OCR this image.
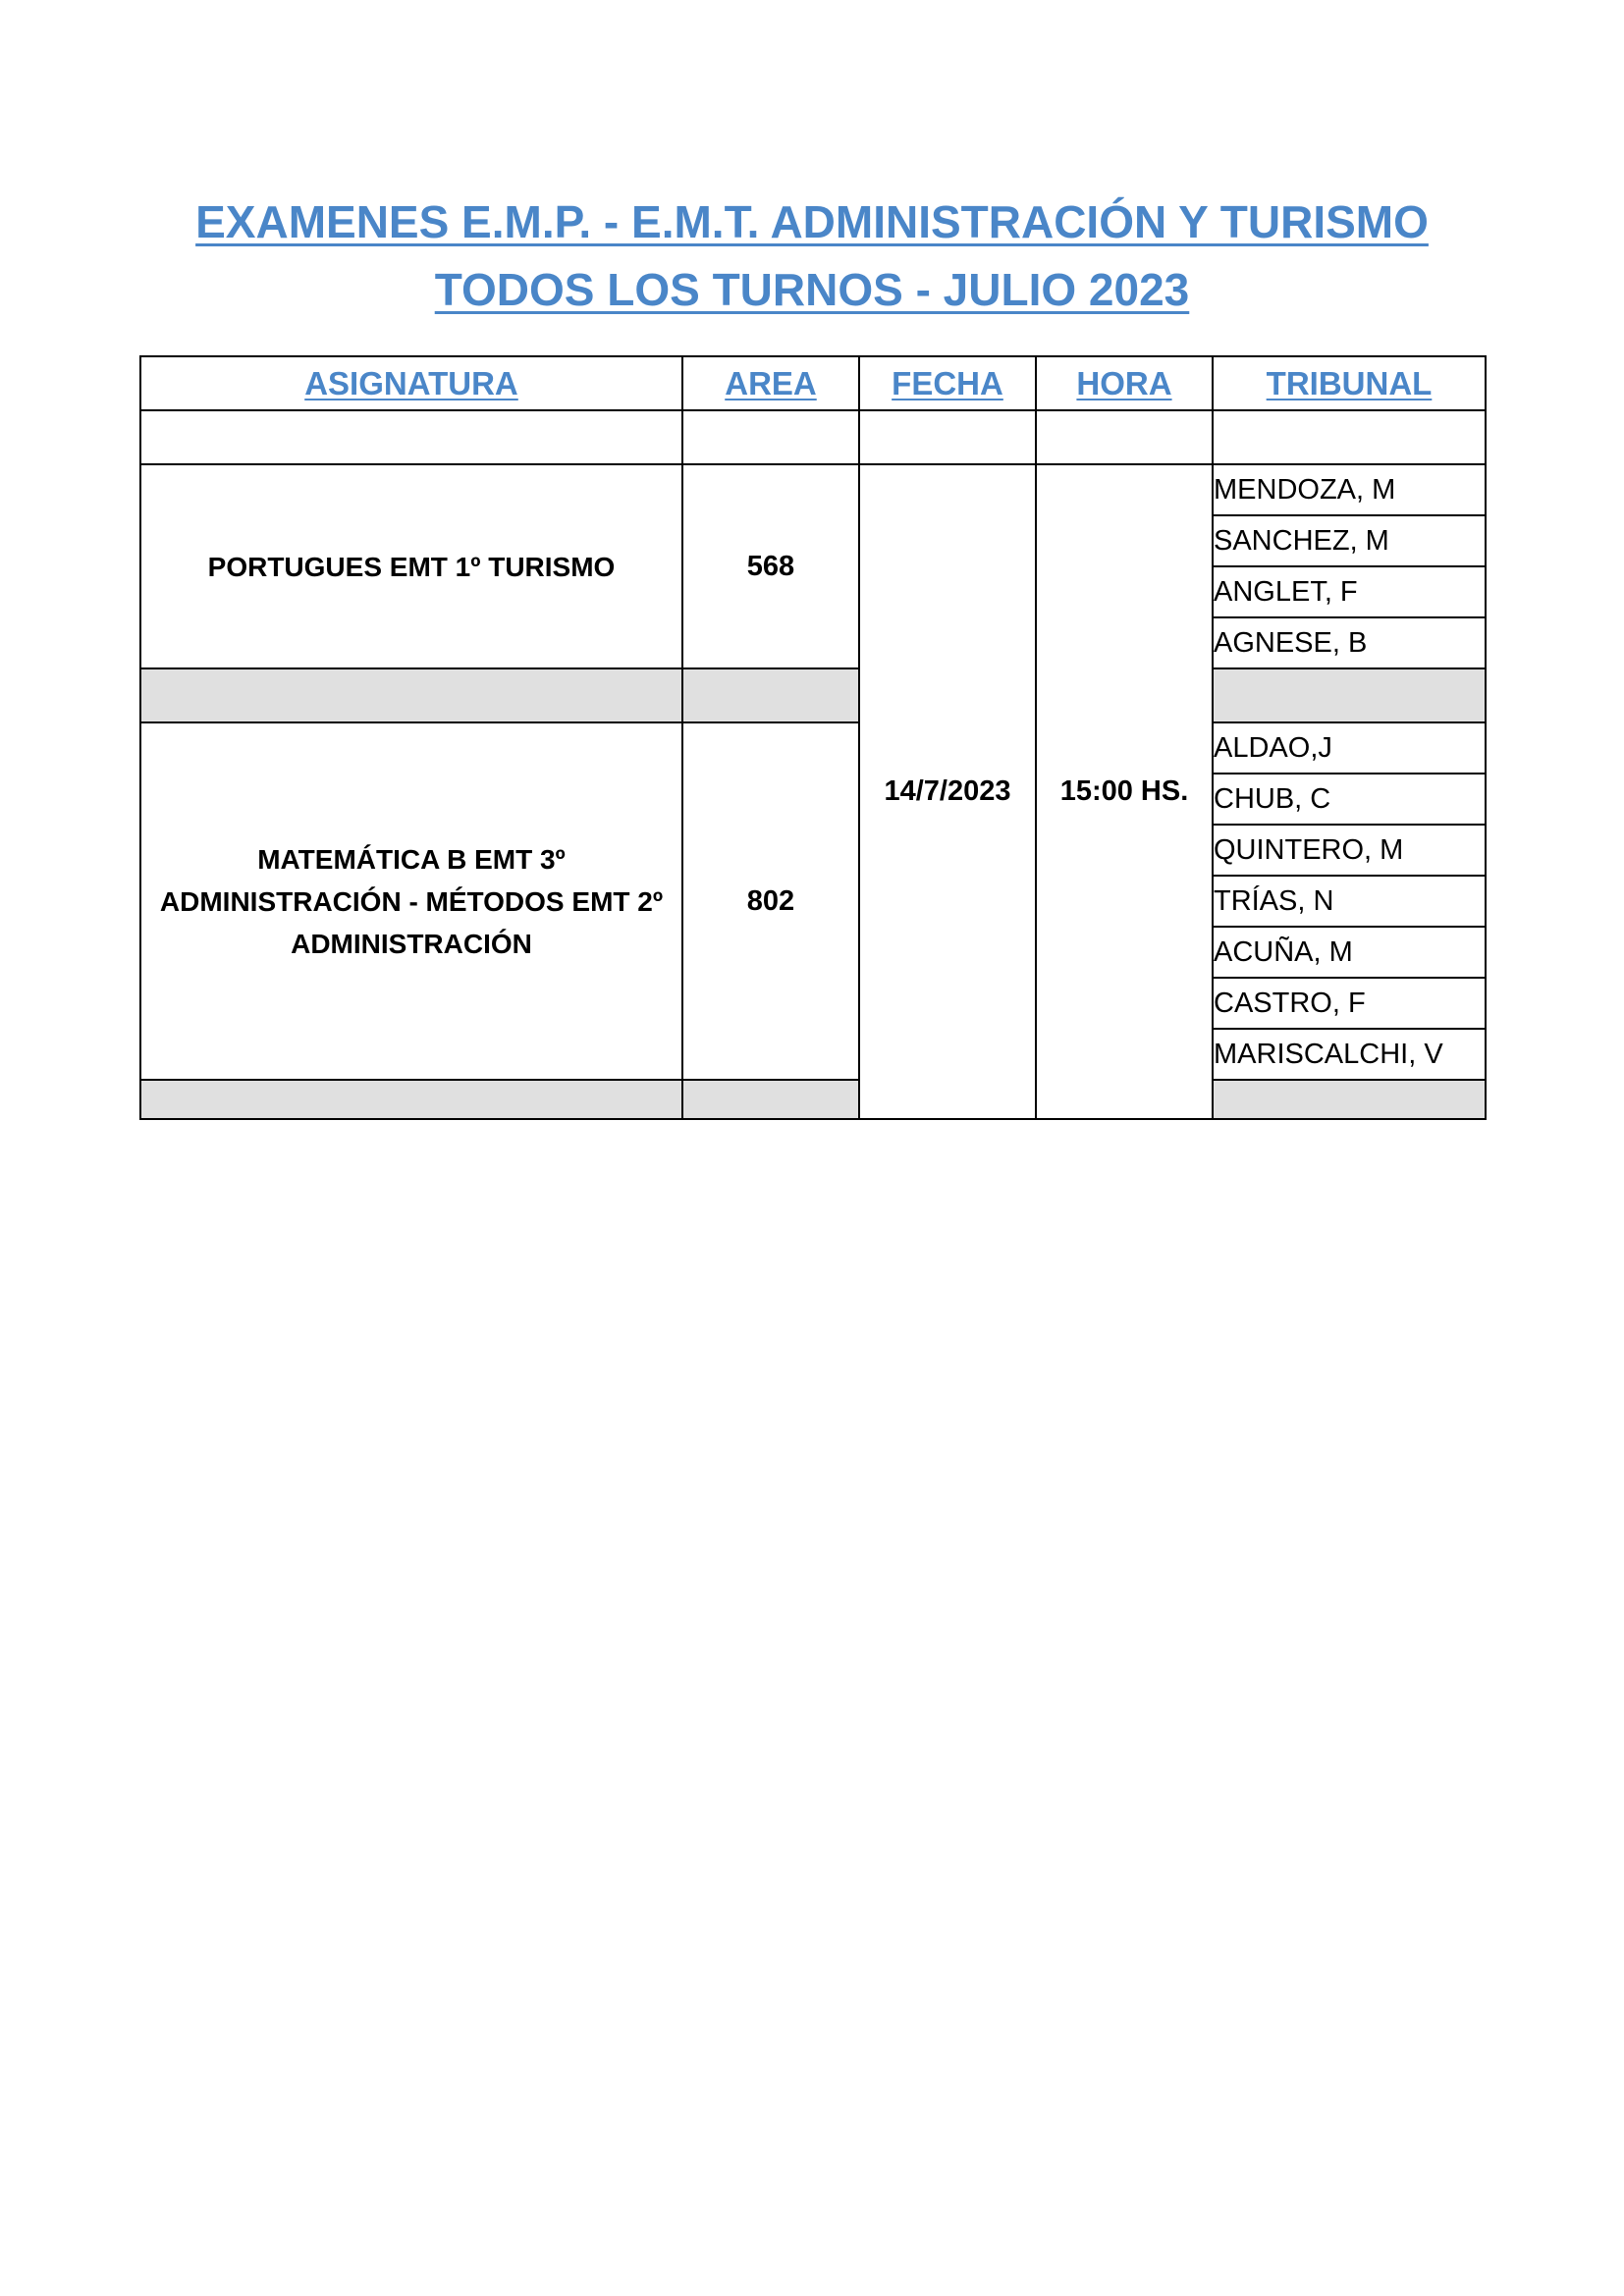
EXAMENES E.M.P. - E.M.T. ADMINISTRACIÓN Y TURISMO
TODOS LOS TURNOS - JULIO 2023
ASIGNATURA	AREA	FECHA	HORA	TRIBUNAL	

PORTUGUES EMT 1º TURISMO	568	14/7/2023	15:00 HS.	MENDOZA, M	
				SANCHEZ, M	
				ANGLET, F	
				AGNESE, B	

MATEMÁTICA B EMT 3º
ADMINISTRACIÓN - MÉTODOS EMT 2º
ADMINISTRACIÓN	802			ALDAO,J	
				CHUB, C	
				QUINTERO, M	
				TRÍAS, N	
				ACUÑA, M	
				CASTRO, F	
				MARISCALCHI, V	
